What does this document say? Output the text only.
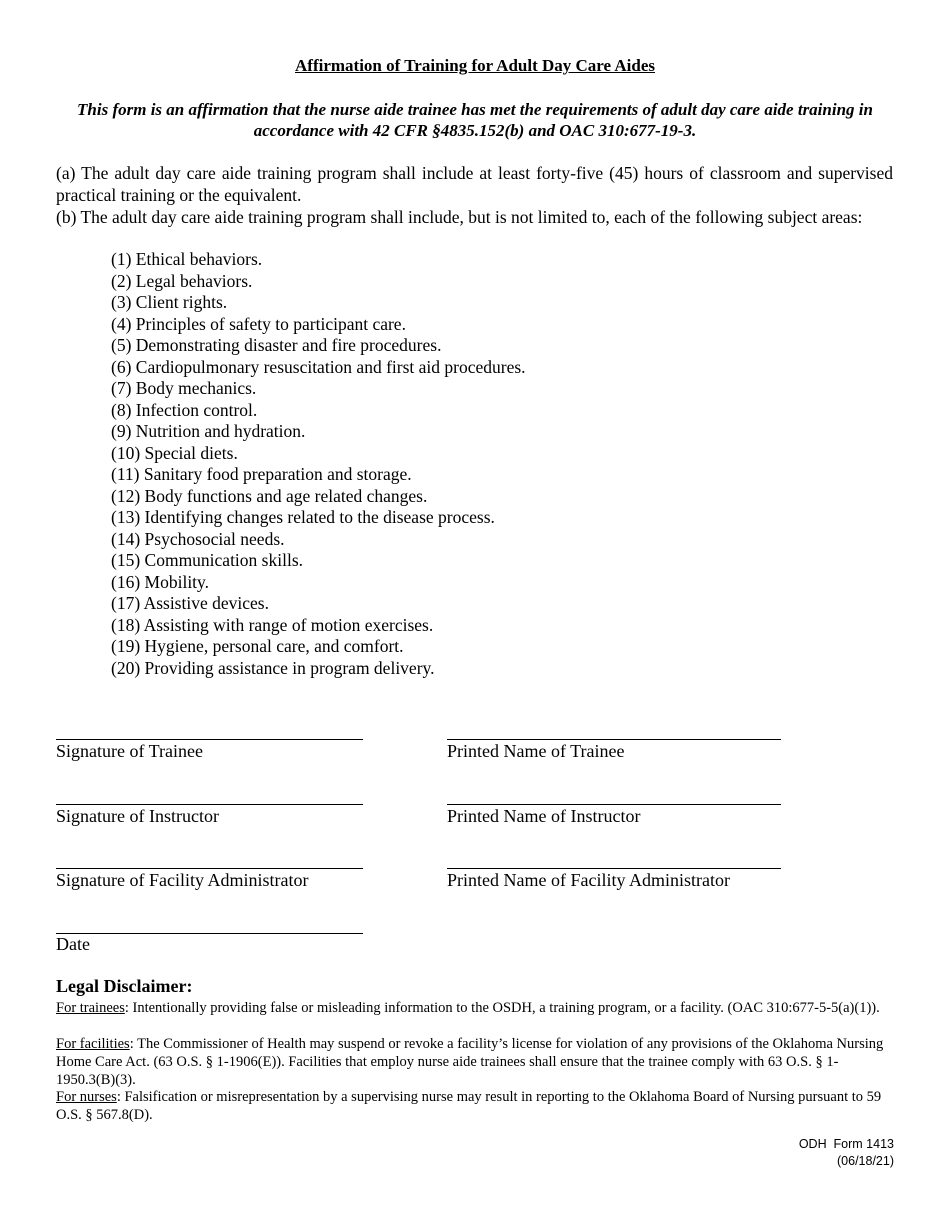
Affirmation of Training for Adult Day Care Aides
This form is an affirmation that the nurse aide trainee has met the requirements of adult day care aide training in accordance with 42 CFR §4835.152(b) and OAC 310:677-19-3.
(a) The adult day care aide training program shall include at least forty-five (45) hours of classroom and supervised practical training or the equivalent.
(b) The adult day care aide training program shall include, but is not limited to, each of the following subject areas:
(1) Ethical behaviors.
(2) Legal behaviors.
(3) Client rights.
(4) Principles of safety to participant care.
(5) Demonstrating disaster and fire procedures.
(6) Cardiopulmonary resuscitation and first aid procedures.
(7) Body mechanics.
(8) Infection control.
(9) Nutrition and hydration.
(10) Special diets.
(11) Sanitary food preparation and storage.
(12) Body functions and age related changes.
(13) Identifying changes related to the disease process.
(14) Psychosocial needs.
(15) Communication skills.
(16) Mobility.
(17) Assistive devices.
(18) Assisting with range of motion exercises.
(19) Hygiene, personal care, and comfort.
(20) Providing assistance in program delivery.
Signature of Trainee	Printed Name of Trainee
Signature of Instructor	Printed Name of Instructor
Signature of Facility Administrator	Printed Name of Facility Administrator
Date
Legal Disclaimer:
For trainees: Intentionally providing false or misleading information to the OSDH, a training program, or a facility. (OAC 310:677-5-5(a)(1)).
For facilities: The Commissioner of Health may suspend or revoke a facility’s license for violation of any provisions of the Oklahoma Nursing Home Care Act. (63 O.S. § 1-1906(E)). Facilities that employ nurse aide trainees shall ensure that the trainee comply with 63 O.S. § 1-1950.3(B)(3).
For nurses: Falsification or misrepresentation by a supervising nurse may result in reporting to the Oklahoma Board of Nursing pursuant to 59 O.S. § 567.8(D).
ODH  Form 1413
(06/18/21)
